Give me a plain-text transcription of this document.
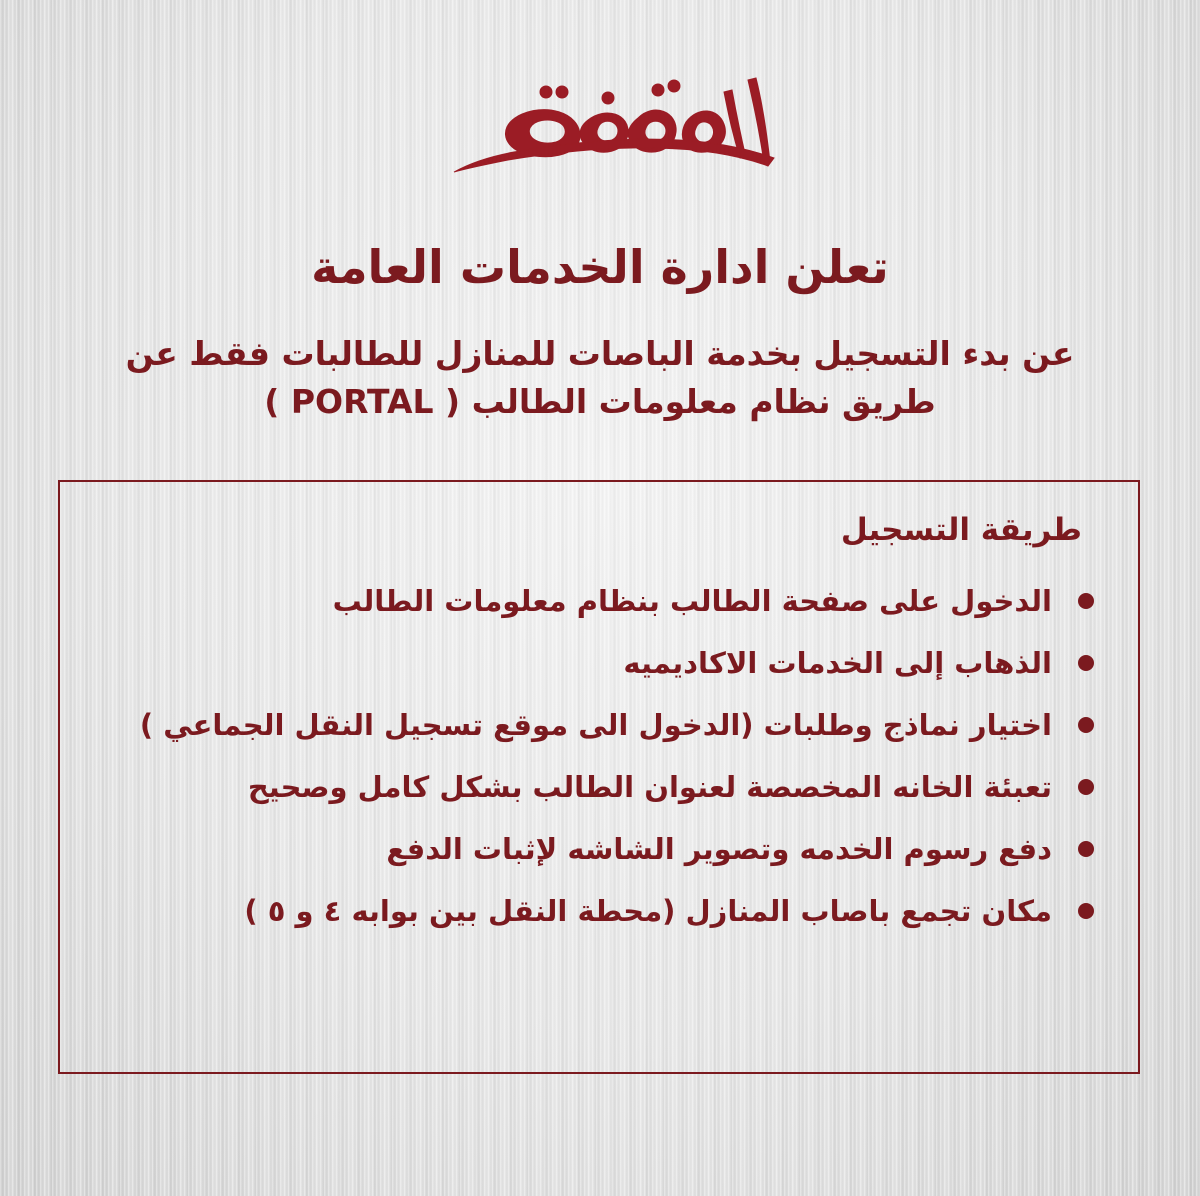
تعلن ادارة الخدمات العامة
عن بدء التسجيل بخدمة الباصات للمنازل للطالبات فقط عن
طريق نظام معلومات الطالب ( PORTAL )
طريقة التسجيل
الدخول على صفحة الطالب بنظام معلومات الطالب
الذهاب إلى الخدمات الاكاديميه
اختيار نماذج وطلبات (الدخول الى موقع تسجيل النقل الجماعي )
تعبئة الخانه المخصصة لعنوان الطالب بشكل كامل وصحيح
دفع رسوم الخدمه وتصوير الشاشه لإثبات الدفع
مكان تجمع باصاب المنازل (محطة النقل بين بوابه ٤ و ٥ )
